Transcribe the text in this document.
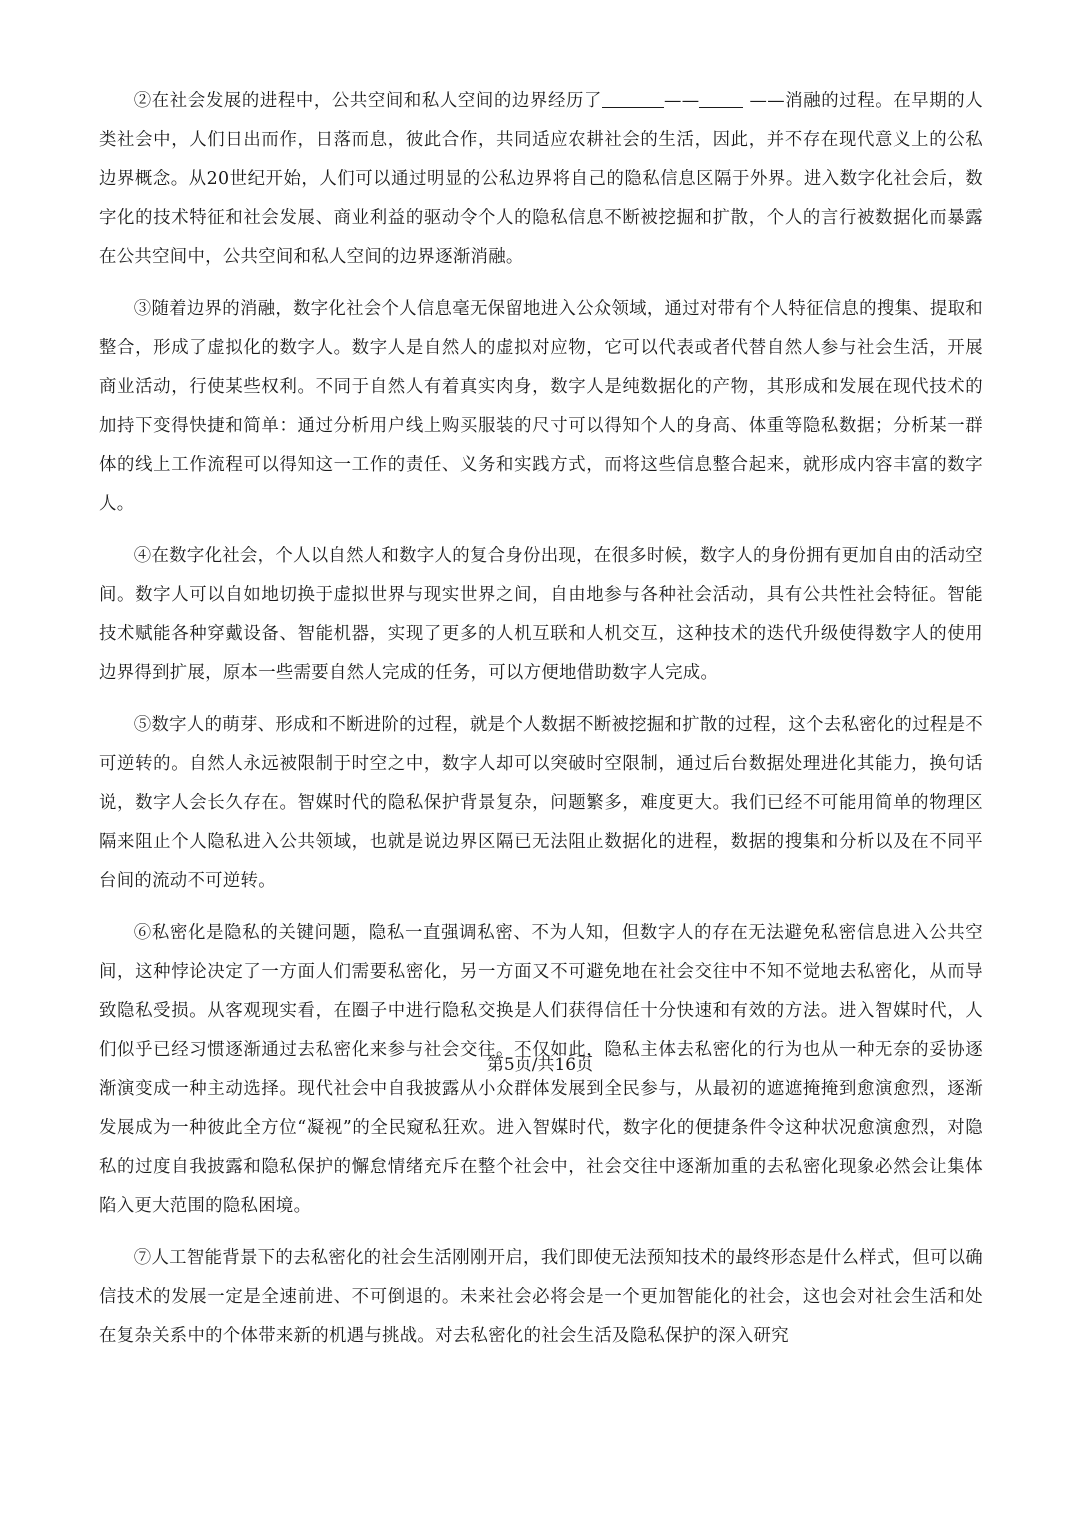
②在社会发展的进程中，公共空间和私人空间的边界经历了	——	——消融的过程。在早期的人类社会中，人们日出而作，日落而息，彼此合作，共同适应农耕社会的生活，因此，并不存在现代意义上的公私边界概念。从20世纪开始，人们可以通过明显的公私边界将自己的隐私信息区隔于外界。进入数字化社会后，数字化的技术特征和社会发展、商业利益的驱动令个人的隐私信息不断被挖掘和扩散，个人的言行被数据化而暴露在公共空间中，公共空间和私人空间的边界逐渐消融。

③随着边界的消融，数字化社会个人信息毫无保留地进入公众领域，通过对带有个人特征信息的搜集、提取和整合，形成了虚拟化的数字人。数字人是自然人的虚拟对应物，它可以代表或者代替自然人参与社会生活，开展商业活动，行使某些权利。不同于自然人有着真实肉身，数字人是纯数据化的产物，其形成和发展在现代技术的加持下变得快捷和简单：通过分析用户线上购买服装的尺寸可以得知个人的身高、体重等隐私数据；分析某一群体的线上工作流程可以得知这一工作的责任、义务和实践方式，而将这些信息整合起来，就形成内容丰富的数字人。

④在数字化社会，个人以自然人和数字人的复合身份出现，在很多时候，数字人的身份拥有更加自由的活动空间。数字人可以自如地切换于虚拟世界与现实世界之间，自由地参与各种社会活动，具有公共性社会特征。智能技术赋能各种穿戴设备、智能机器，实现了更多的人机互联和人机交互，这种技术的迭代升级使得数字人的使用边界得到扩展，原本一些需要自然人完成的任务，可以方便地借助数字人完成。

⑤数字人的萌芽、形成和不断进阶的过程，就是个人数据不断被挖掘和扩散的过程，这个去私密化的过程是不可逆转的。自然人永远被限制于时空之中，数字人却可以突破时空限制，通过后台数据处理进化其能力，换句话说，数字人会长久存在。智媒时代的隐私保护背景复杂，问题繁多，难度更大。我们已经不可能用简单的物理区隔来阻止个人隐私进入公共领域，也就是说边界区隔已无法阻止数据化的进程，数据的搜集和分析以及在不同平台间的流动不可逆转。

⑥私密化是隐私的关键问题，隐私一直强调私密、不为人知，但数字人的存在无法避免私密信息进入公共空间，这种悖论决定了一方面人们需要私密化，另一方面又不可避免地在社会交往中不知不觉地去私密化，从而导致隐私受损。从客观现实看，在圈子中进行隐私交换是人们获得信任十分快速和有效的方法。进入智媒时代，人们似乎已经习惯逐渐通过去私密化来参与社会交往。不仅如此，隐私主体去私密化的行为也从一种无奈的妥协逐渐演变成一种主动选择。现代社会中自我披露从小众群体发展到全民参与，从最初的遮遮掩掩到愈演愈烈，逐渐发展成为一种彼此全方位“凝视”的全民窥私狂欢。进入智媒时代，数字化的便捷条件令这种状况愈演愈烈，对隐私的过度自我披露和隐私保护的懈怠情绪充斥在整个社会中，社会交往中逐渐加重的去私密化现象必然会让集体陷入更大范围的隐私困境。

⑦人工智能背景下的去私密化的社会生活刚刚开启，我们即使无法预知技术的最终形态是什么样式，但可以确信技术的发展一定是全速前进、不可倒退的。未来社会必将会是一个更加智能化的社会，这也会对社会生活和处在复杂关系中的个体带来新的机遇与挑战。对去私密化的社会生活及隐私保护的深入研究

第5页/共16页
